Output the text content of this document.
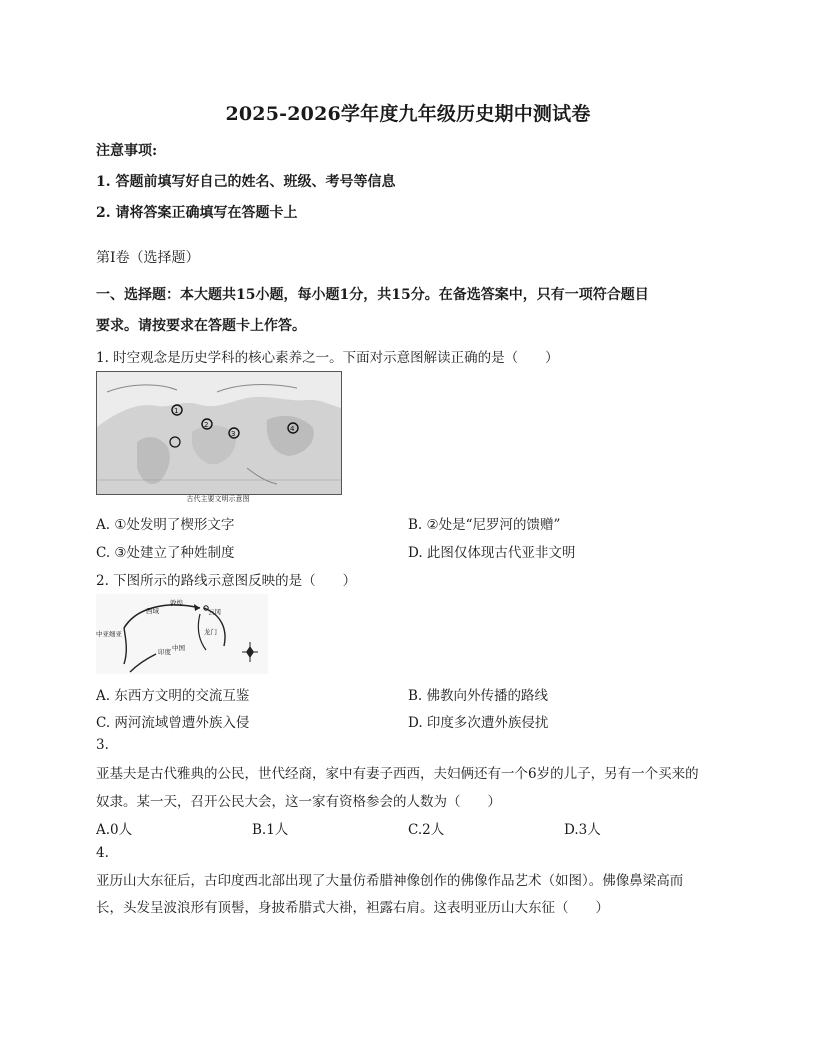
2025-2026学年度九年级历史期中测试卷
注意事项:
1. 答题前填写好自己的姓名、班级、考号等信息
2. 请将答案正确填写在答题卡上
第Ⅰ卷（选择题）
一、选择题：本大题共15小题，每小题1分，共15分。在备选答案中，只有一项符合题目
要求。请按要求在答题卡上作答。
1. 时空观念是历史学科的核心素养之一。下面对示意图解读正确的是（　　）
1
2
3
4
古代主要文明示意图
A. ①处发明了楔形文字	B. ②处是“尼罗河的馈赠”
C. ③处建立了种姓制度	D. 此图仅体现古代亚非文明
2. 下图所示的路线示意图反映的是（　　）
西域
敦煌
云冈
龙门
中亚细亚
印度 中国
A. 东西方文明的交流互鉴	B. 佛教向外传播的路线
C. 两河流域曾遭外族入侵	D. 印度多次遭外族侵扰
3.
亚基夫是古代雅典的公民，世代经商，家中有妻子西西，夫妇俩还有一个6岁的儿子，另有一个买来的
奴隶。某一天，召开公民大会，这一家有资格参会的人数为（　　）
A.0人	B.1人	C.2人	D.3人
4.
亚历山大东征后，古印度西北部出现了大量仿希腊神像创作的佛像作品艺术（如图）。佛像鼻梁高而
长，头发呈波浪形有顶髻，身披希腊式大褂，袒露右肩。这表明亚历山大东征（　　）
